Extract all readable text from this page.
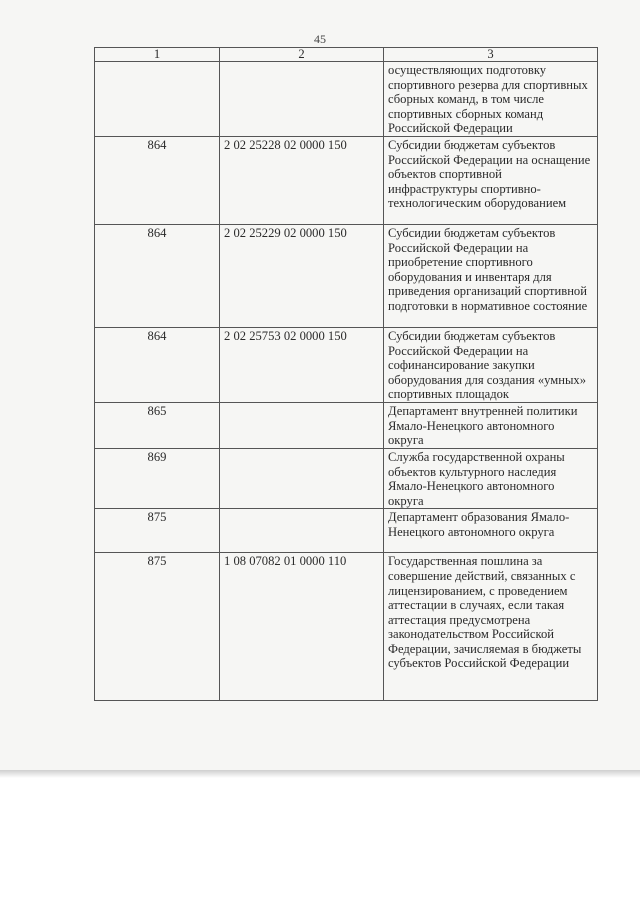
45
1	2	3
		осуществляющих подготовку спортивного резерва для спортивных сборных команд, в том числе спортивных сборных команд Российской Федерации
864	2 02 25228 02 0000 150	Субсидии бюджетам субъектов Российской Федерации на оснащение объектов спортивной инфраструктуры спортивно-технологическим оборудованием
864	2 02 25229 02 0000 150	Субсидии бюджетам субъектов Российской Федерации на приобретение спортивного оборудования и инвентаря для приведения организаций спортивной подготовки в нормативное состояние
864	2 02 25753 02 0000 150	Субсидии бюджетам субъектов Российской Федерации на софинансирование закупки оборудования для создания «умных» спортивных площадок
865		Департамент внутренней политики Ямало-Ненецкого автономного округа
869		Служба государственной охраны объектов культурного наследия Ямало-Ненецкого автономного округа
875		Департамент образования Ямало-Ненецкого автономного округа
875	1 08 07082 01 0000 110	Государственная пошлина за совершение действий, связанных с лицензированием, с проведением аттестации в случаях, если такая аттестация предусмотрена законодательством Российской Федерации, зачисляемая в бюджеты субъектов Российской Федерации
